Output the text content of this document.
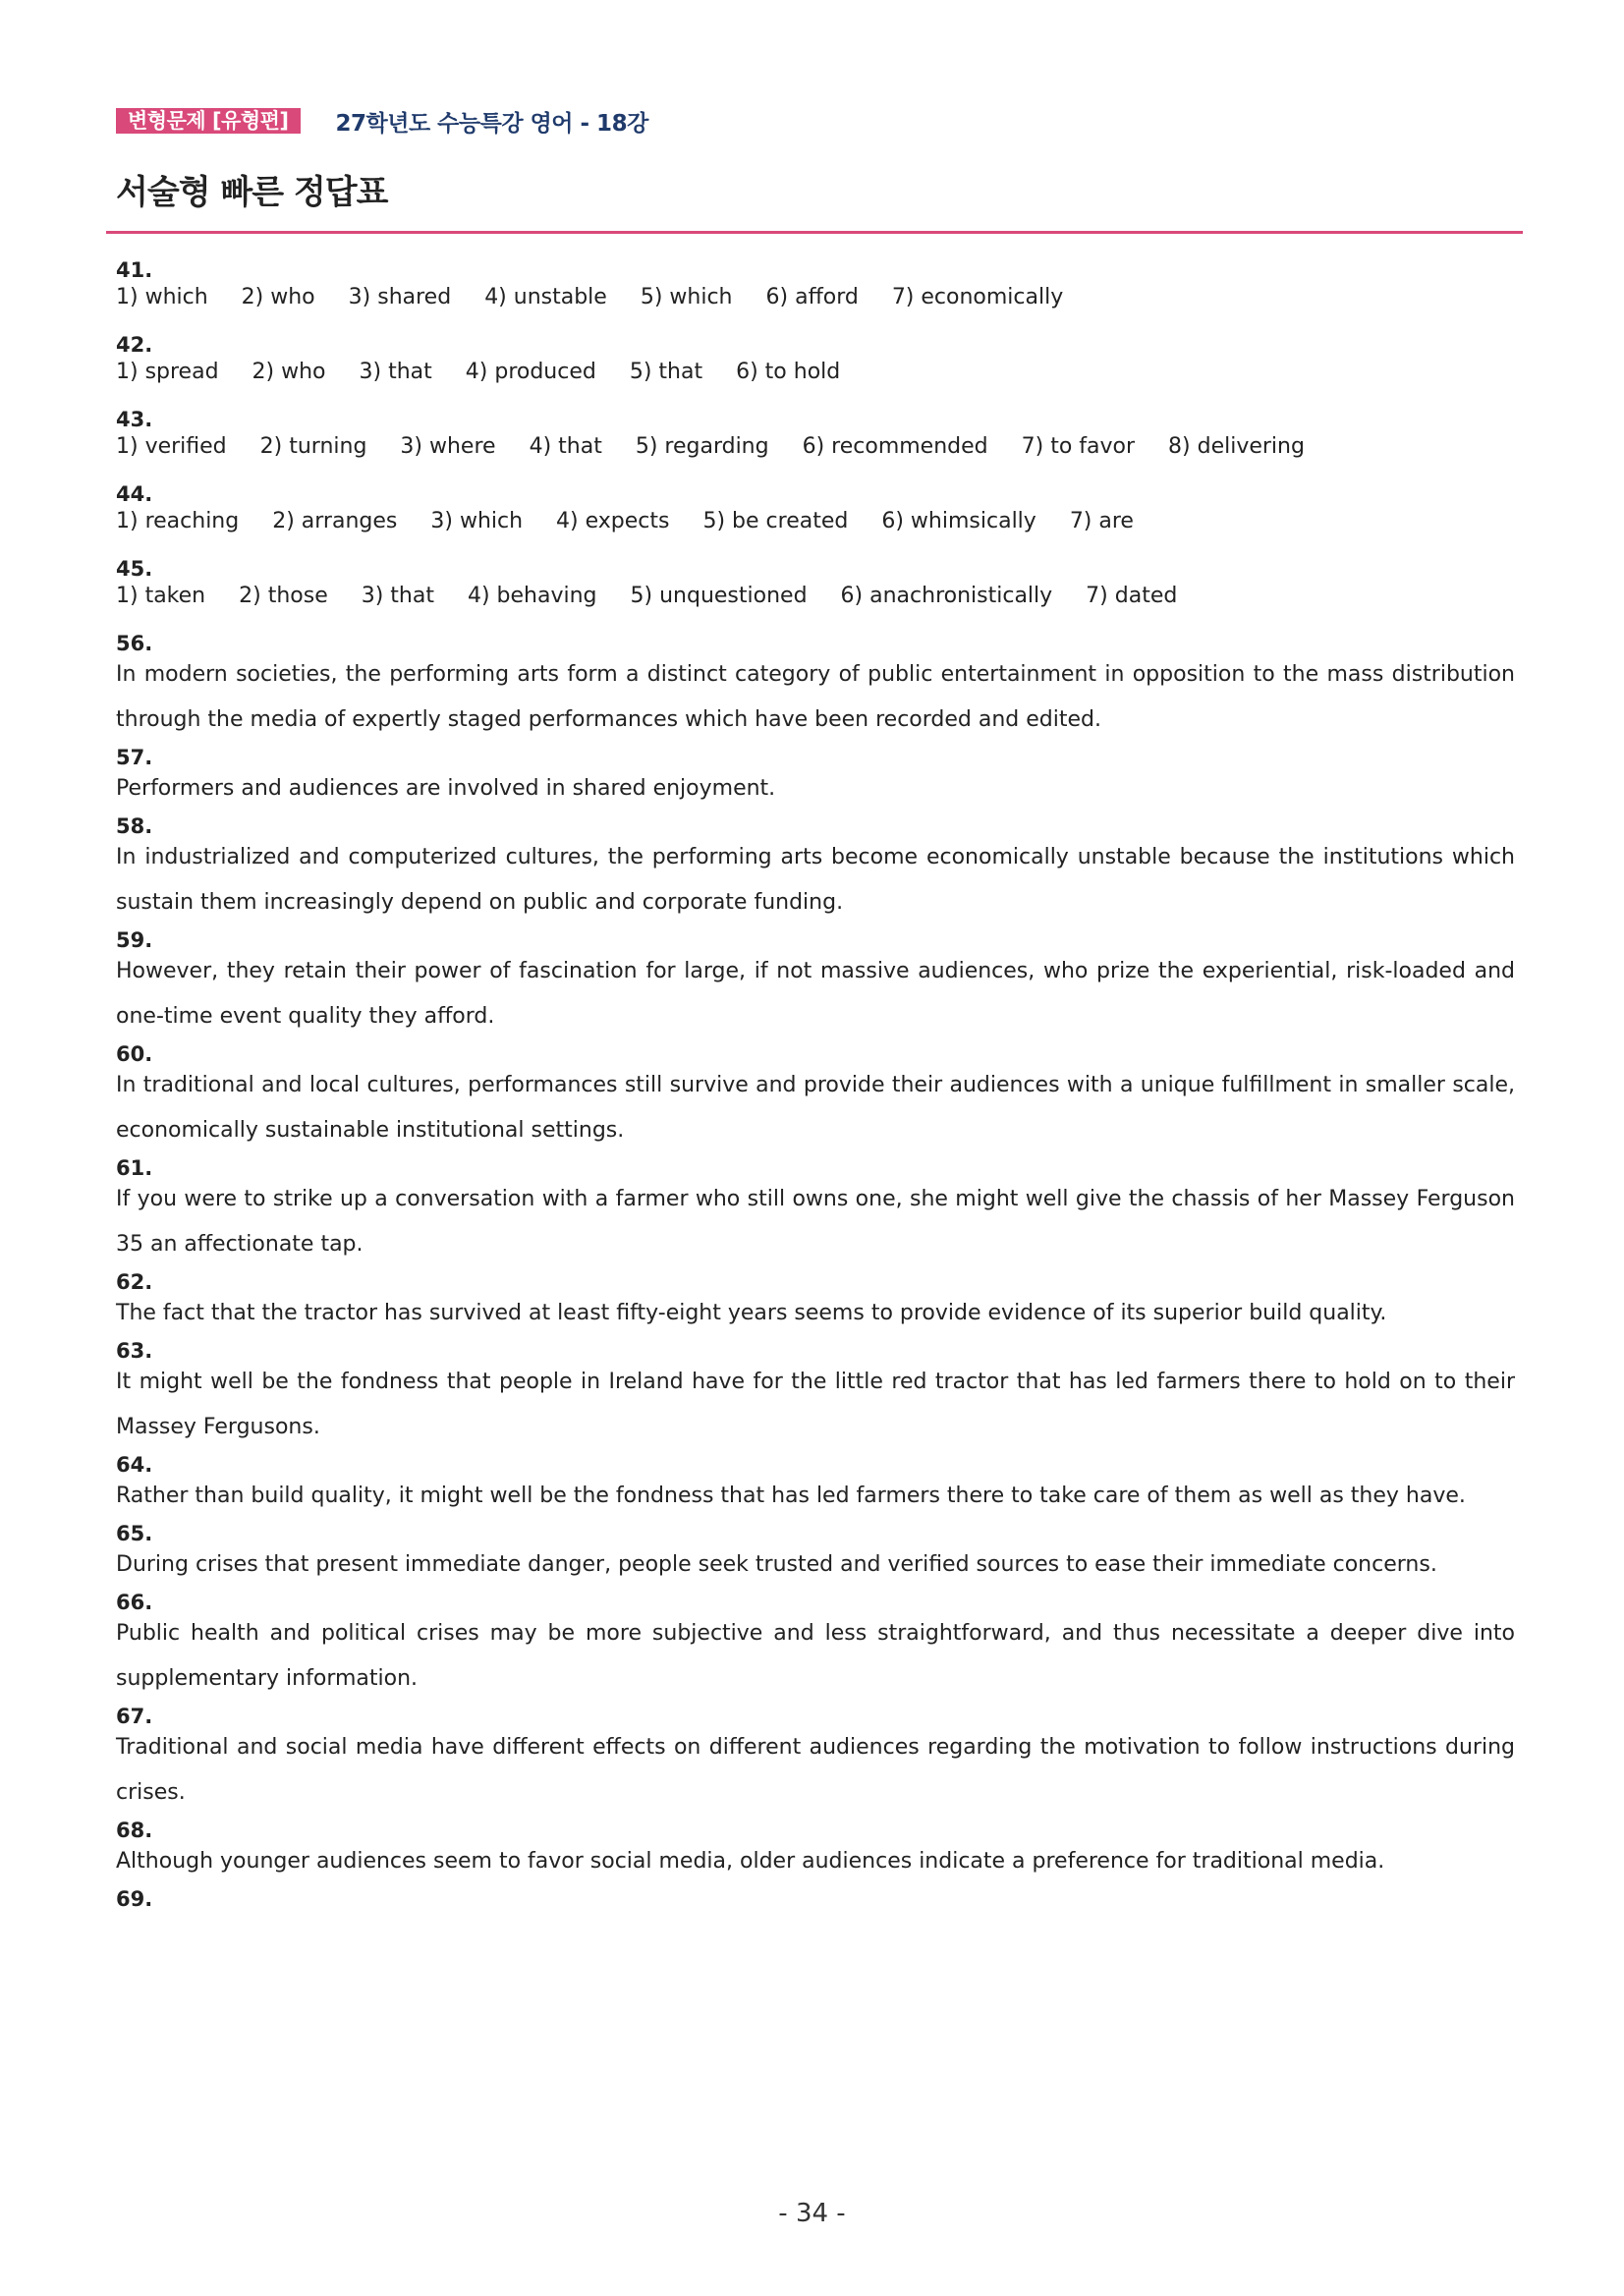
변형문제 [유형편]	27학년도 수능특강 영어 - 18강
서술형 빠른 정답표
41.
1) which 2) who 3) shared 4) unstable 5) which 6) afford 7) economically
42.
1) spread 2) who 3) that 4) produced 5) that 6) to hold
43.
1) verified 2) turning 3) where 4) that 5) regarding 6) recommended 7) to favor 8) delivering
44.
1) reaching 2) arranges 3) which 4) expects 5) be created 6) whimsically 7) are
45.
1) taken 2) those 3) that 4) behaving 5) unquestioned 6) anachronistically 7) dated
56.
In modern societies, the performing arts form a distinct category of public entertainment in opposition to the mass distribution through the media of expertly staged performances which have been recorded and edited.
57.
Performers and audiences are involved in shared enjoyment.
58.
In industrialized and computerized cultures, the performing arts become economically unstable because the institutions which sustain them increasingly depend on public and corporate funding.
59.
However, they retain their power of fascination for large, if not massive audiences, who prize the experiential, risk-loaded and one-time event quality they afford.
60.
In traditional and local cultures, performances still survive and provide their audiences with a unique fulfillment in smaller scale, economically sustainable institutional settings.
61.
If you were to strike up a conversation with a farmer who still owns one, she might well give the chassis of her Massey Ferguson 35 an affectionate tap.
62.
The fact that the tractor has survived at least fifty-eight years seems to provide evidence of its superior build quality.
63.
It might well be the fondness that people in Ireland have for the little red tractor that has led farmers there to hold on to their Massey Fergusons.
64.
Rather than build quality, it might well be the fondness that has led farmers there to take care of them as well as they have.
65.
During crises that present immediate danger, people seek trusted and verified sources to ease their immediate concerns.
66.
Public health and political crises may be more subjective and less straightforward, and thus necessitate a deeper dive into supplementary information.
67.
Traditional and social media have different effects on different audiences regarding the motivation to follow instructions during crises.
68.
Although younger audiences seem to favor social media, older audiences indicate a preference for traditional media.
69.
- 34 -
